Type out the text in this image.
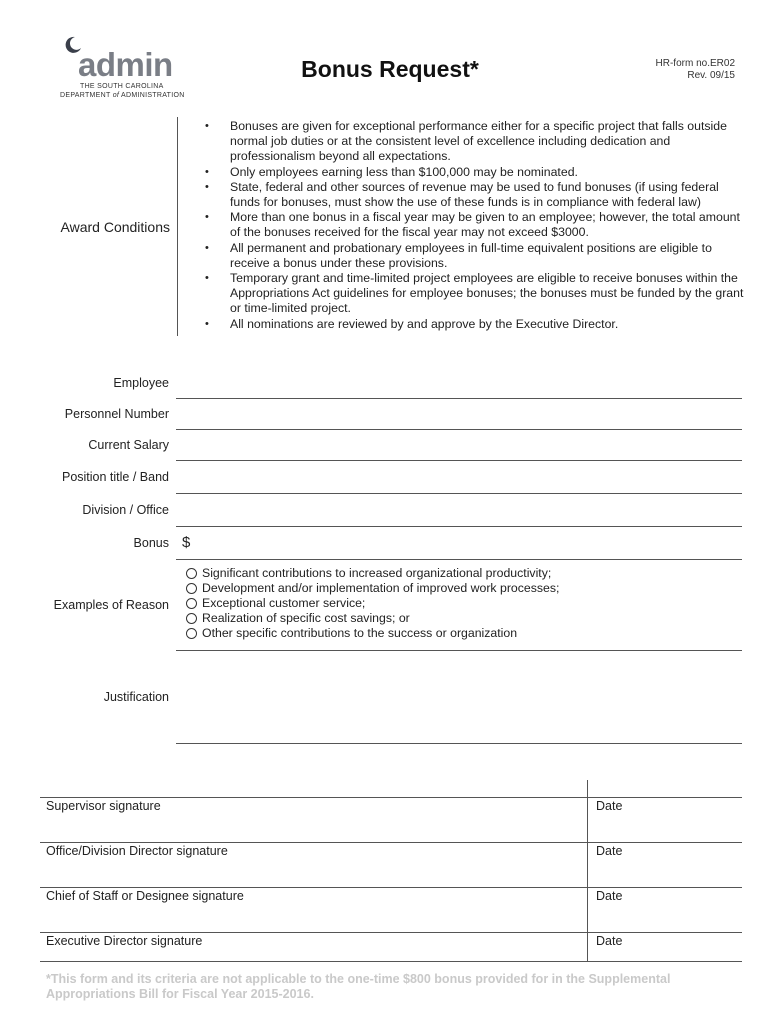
admin
THE SOUTH CAROLINA
DEPARTMENT of ADMINISTRATION
Bonus Request*	HR-form no.ER02
Rev. 09/15
Award Conditions
• Bonuses are given for exceptional performance either for a specific project that falls outside normal job duties or at the consistent level of excellence including dedication and professionalism beyond all expectations.
• Only employees earning less than $100,000 may be nominated.
• State, federal and other sources of revenue may be used to fund bonuses (if using federal funds for bonuses, must show the use of these funds is in compliance with federal law)
• More than one bonus in a fiscal year may be given to an employee; however, the total amount of the bonuses received for the fiscal year may not exceed $3000.
• All permanent and probationary employees in full-time equivalent positions are eligible to receive a bonus under these provisions.
• Temporary grant and time-limited project employees are eligible to receive bonuses within the Appropriations Act guidelines for employee bonuses; the bonuses must be funded by the grant or time-limited project.
• All nominations are reviewed by and approve by the Executive Director.
Employee
Personnel Number
Current Salary
Position title / Band
Division / Office
Bonus $
Examples of Reason
Significant contributions to increased organizational productivity;
Development and/or implementation of improved work processes;
Exceptional customer service;
Realization of specific cost savings; or
Other specific contributions to the success or organization
Justification
Supervisor signature	Date
Office/Division Director signature	Date
Chief of Staff or Designee signature	Date
Executive Director signature	Date
*This form and its criteria are not applicable to the one-time $800 bonus provided for in the Supplemental Appropriations Bill for Fiscal Year 2015-2016.
